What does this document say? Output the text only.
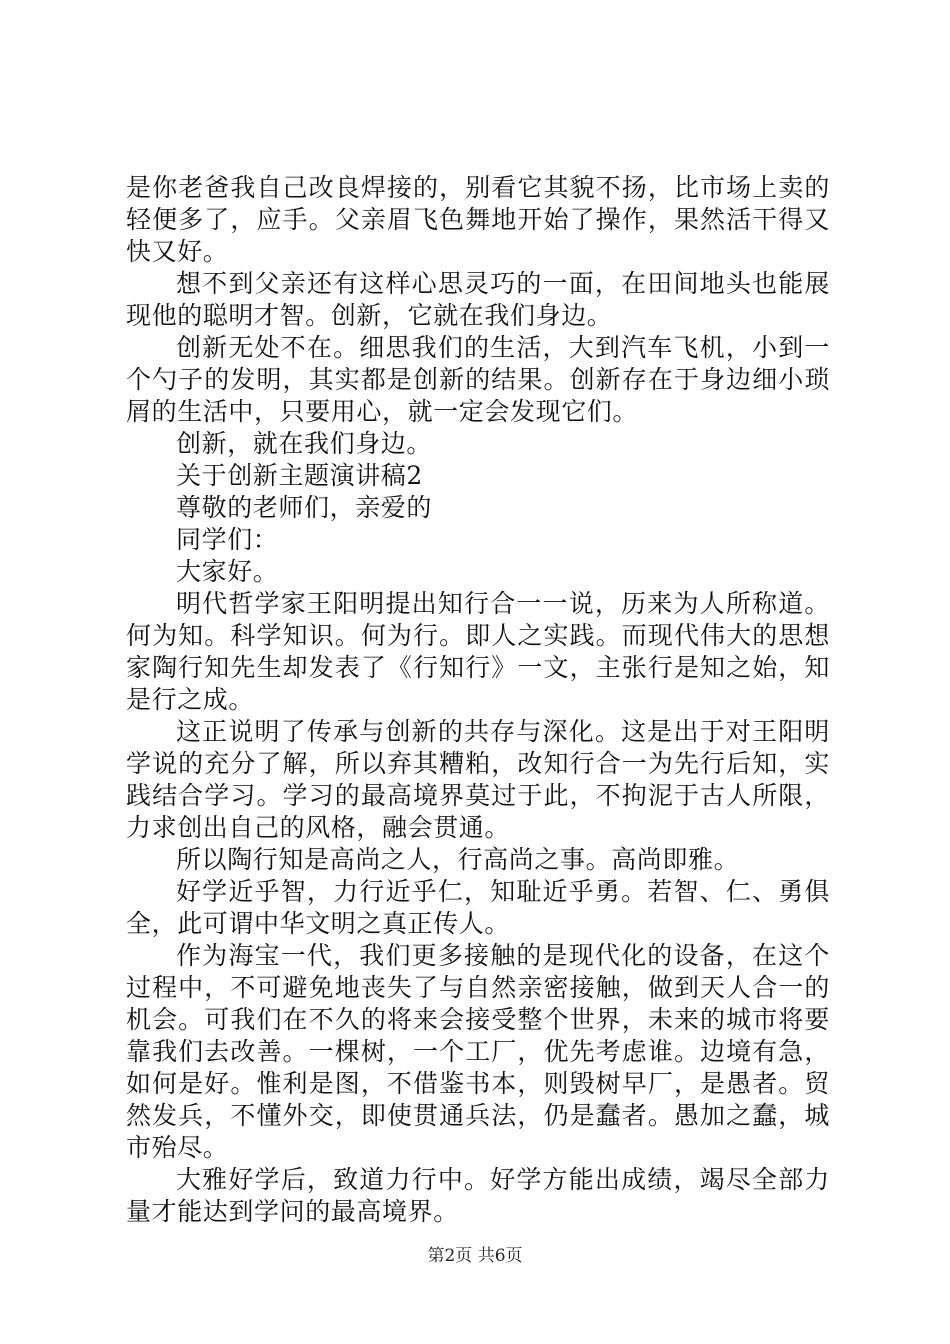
是你老爸我自己改良焊接的，别看它其貌不扬，比市场上卖的轻便多了，应手。父亲眉飞色舞地开始了操作，果然活干得又快又好。

想不到父亲还有这样心思灵巧的一面，在田间地头也能展现他的聪明才智。创新，它就在我们身边。

创新无处不在。细思我们的生活，大到汽车飞机，小到一个勺子的发明，其实都是创新的结果。创新存在于身边细小琐屑的生活中，只要用心，就一定会发现它们。

创新，就在我们身边。

关于创新主题演讲稿2

尊敬的老师们，亲爱的

同学们：

大家好。

明代哲学家王阳明提出知行合一一说，历来为人所称道。何为知。科学知识。何为行。即人之实践。而现代伟大的思想家陶行知先生却发表了《行知行》一文，主张行是知之始，知是行之成。

这正说明了传承与创新的共存与深化。这是出于对王阳明学说的充分了解，所以弃其糟粕，改知行合一为先行后知，实践结合学习。学习的最高境界莫过于此，不拘泥于古人所限，力求创出自己的风格，融会贯通。

所以陶行知是高尚之人，行高尚之事。高尚即雅。

好学近乎智，力行近乎仁，知耻近乎勇。若智、仁、勇俱全，此可谓中华文明之真正传人。

作为海宝一代，我们更多接触的是现代化的设备，在这个过程中，不可避免地丧失了与自然亲密接触，做到天人合一的机会。可我们在不久的将来会接受整个世界，未来的城市将要靠我们去改善。一棵树，一个工厂，优先考虑谁。边境有急，如何是好。惟利是图，不借鉴书本，则毁树早厂，是愚者。贸然发兵，不懂外交，即使贯通兵法，仍是蠢者。愚加之蠢，城市殆尽。

大雅好学后，致道力行中。好学方能出成绩，竭尽全部力量才能达到学问的最高境界。

第2页 共6页
